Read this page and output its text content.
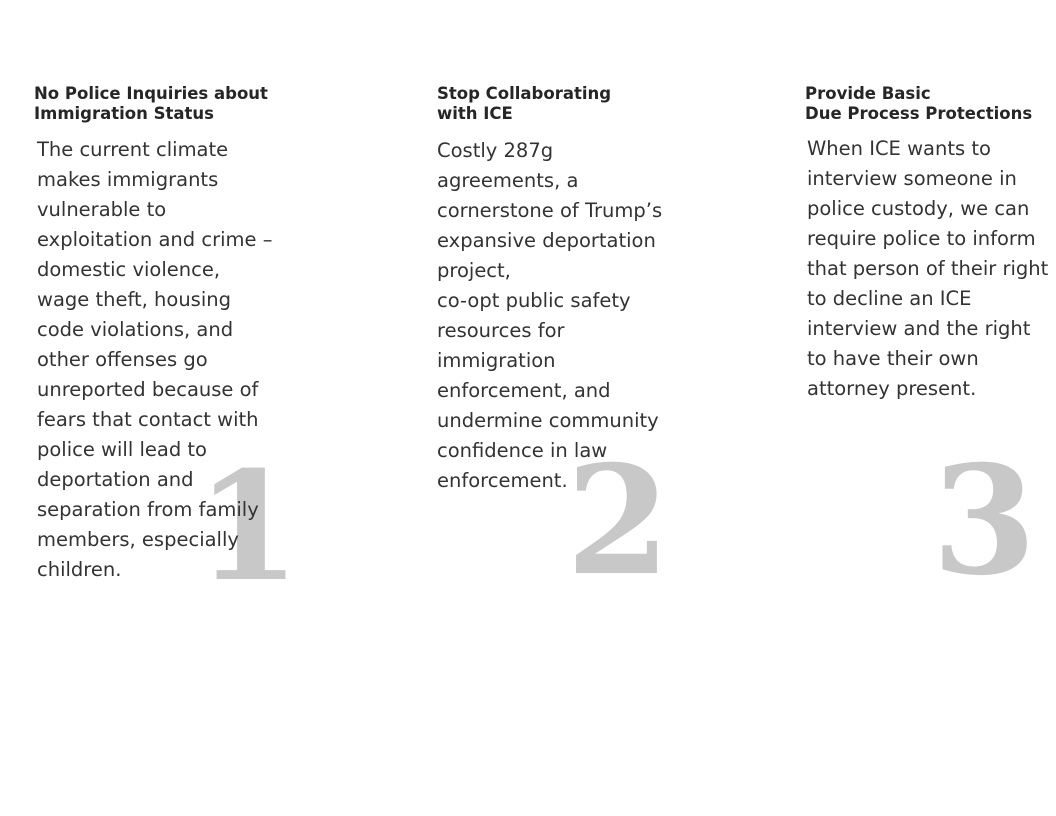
1
No Police Inquiries about
Immigration Status
The current climate
makes immigrants
vulnerable to
exploitation and crime –
domestic violence,
wage theft, housing
code violations, and
other offenses go
unreported because of
fears that contact with
police will lead to
deportation and
separation from family
members, especially
children.	2
Stop Collaborating
with ICE
Costly 287g
agreements, a
cornerstone of Trump’s
expansive deportation
project,
co-opt public safety
resources for
immigration
enforcement, and
undermine community
confidence in law
enforcement.	3
Provide Basic
Due Process Protections
When ICE wants to
interview someone in
police custody, we can
require police to inform
that person of their right
to decline an ICE
interview and the right
to have their own
attorney present.
